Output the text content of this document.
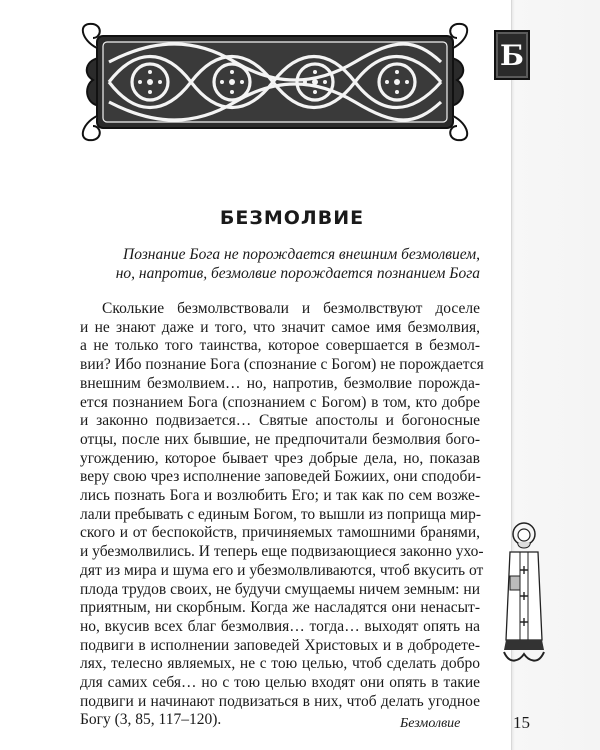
Б
БЕЗМОЛВИЕ
Познание Бога не порождается внешним безмолвием,
но, напротив, безмолвие порождается познанием Бога
Сколькие безмолвствовали и безмолвствуют доселе
и не знают даже и того, что значит самое имя безмолвия,
а не только того таинства, которое совершается в безмол-
вии? Ибо познание Бога (спознание с Богом) не порождается
внешним безмолвием… но, напротив, безмолвие порожда-
ется познанием Бога (спознанием с Богом) в том, кто добре
и законно подвизается… Святые апостолы и богоносные
отцы, после них бывшие, не предпочитали безмолвия бого-
угождению, которое бывает чрез добрые дела, но, показав
веру свою чрез исполнение заповедей Божиих, они сподоби-
лись познать Бога и возлюбить Его; и так как по сем возже-
лали пребывать с единым Богом, то вышли из поприща мир-
ского и от беспокойств, причиняемых тамошними бранями,
и убезмолвились. И теперь еще подвизающиеся законно ухо-
дят из мира и шума его и убезмолвливаются, чтоб вкусить от
плода трудов своих, не будучи смущаемы ничем земным: ни
приятным, ни скорбным. Когда же насладятся они ненасыт-
но, вкусив всех благ безмолвия… тогда… выходят опять на
подвиги в исполнении заповедей Христовых и в добродете-
лях, телесно являемых, не с тою целью, чтоб сделать добро
для самих себя… но с тою целью входят они опять в такие
подвиги и начинают подвизаться в них, чтоб делать угодное
Богу (3, 85, 117–120).	Безмолвие	15
